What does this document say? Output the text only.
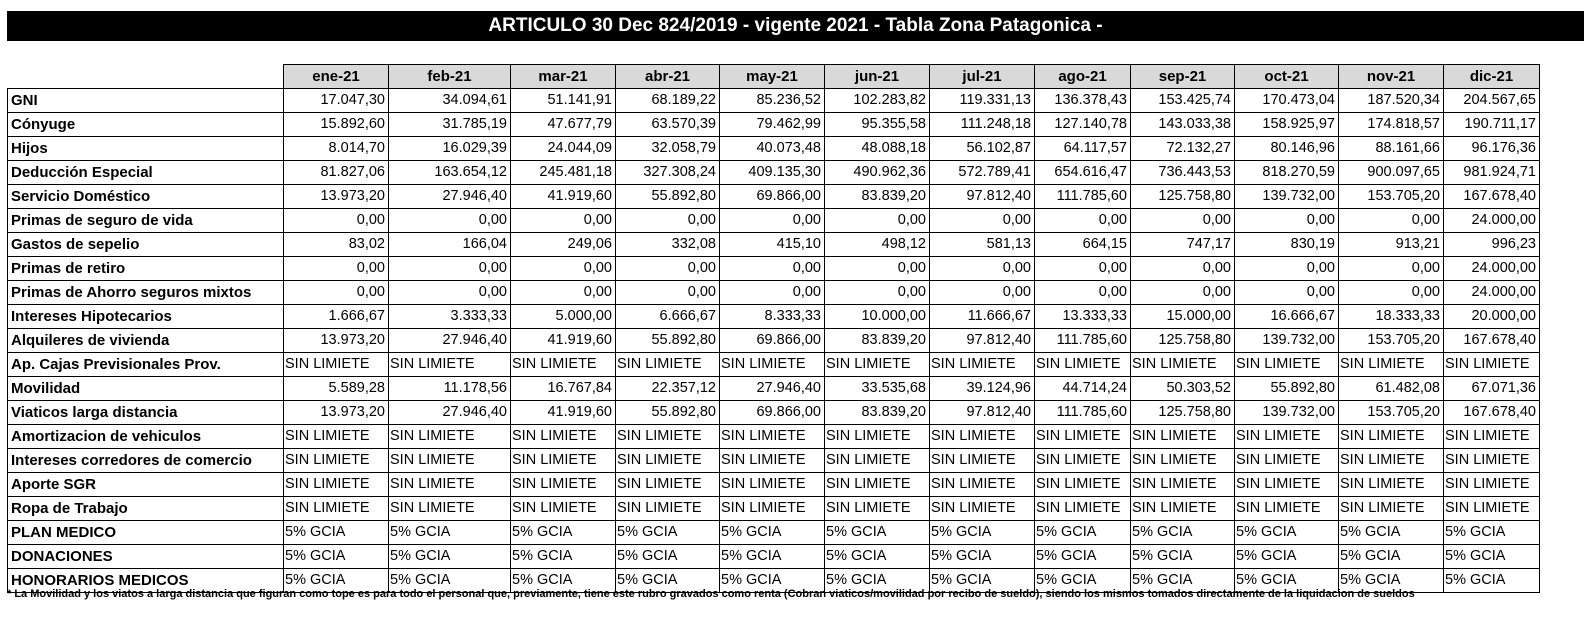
ARTICULO 30 Dec 824/2019 - vigente 2021 - Tabla Zona Patagonica -
	ene-21	feb-21	mar-21	abr-21	may-21	jun-21	jul-21	ago-21	sep-21	oct-21	nov-21	dic-21
GNI	17.047,30	34.094,61	51.141,91	68.189,22	85.236,52	102.283,82	119.331,13	136.378,43	153.425,74	170.473,04	187.520,34	204.567,65
Cónyuge	15.892,60	31.785,19	47.677,79	63.570,39	79.462,99	95.355,58	111.248,18	127.140,78	143.033,38	158.925,97	174.818,57	190.711,17
Hijos	8.014,70	16.029,39	24.044,09	32.058,79	40.073,48	48.088,18	56.102,87	64.117,57	72.132,27	80.146,96	88.161,66	96.176,36
Deducción Especial	81.827,06	163.654,12	245.481,18	327.308,24	409.135,30	490.962,36	572.789,41	654.616,47	736.443,53	818.270,59	900.097,65	981.924,71
Servicio Doméstico	13.973,20	27.946,40	41.919,60	55.892,80	69.866,00	83.839,20	97.812,40	111.785,60	125.758,80	139.732,00	153.705,20	167.678,40
Primas de seguro de vida	0,00	0,00	0,00	0,00	0,00	0,00	0,00	0,00	0,00	0,00	0,00	24.000,00
Gastos de sepelio	83,02	166,04	249,06	332,08	415,10	498,12	581,13	664,15	747,17	830,19	913,21	996,23
Primas de retiro	0,00	0,00	0,00	0,00	0,00	0,00	0,00	0,00	0,00	0,00	0,00	24.000,00
Primas de Ahorro seguros mixtos	0,00	0,00	0,00	0,00	0,00	0,00	0,00	0,00	0,00	0,00	0,00	24.000,00
Intereses Hipotecarios	1.666,67	3.333,33	5.000,00	6.666,67	8.333,33	10.000,00	11.666,67	13.333,33	15.000,00	16.666,67	18.333,33	20.000,00
Alquileres de vivienda	13.973,20	27.946,40	41.919,60	55.892,80	69.866,00	83.839,20	97.812,40	111.785,60	125.758,80	139.732,00	153.705,20	167.678,40
Ap. Cajas Previsionales Prov.	SIN LIMIETE	SIN LIMIETE	SIN LIMIETE	SIN LIMIETE	SIN LIMIETE	SIN LIMIETE	SIN LIMIETE	SIN LIMIETE	SIN LIMIETE	SIN LIMIETE	SIN LIMIETE	SIN LIMIETE
Movilidad	5.589,28	11.178,56	16.767,84	22.357,12	27.946,40	33.535,68	39.124,96	44.714,24	50.303,52	55.892,80	61.482,08	67.071,36
Viaticos larga distancia	13.973,20	27.946,40	41.919,60	55.892,80	69.866,00	83.839,20	97.812,40	111.785,60	125.758,80	139.732,00	153.705,20	167.678,40
Amortizacion de vehiculos	SIN LIMIETE	SIN LIMIETE	SIN LIMIETE	SIN LIMIETE	SIN LIMIETE	SIN LIMIETE	SIN LIMIETE	SIN LIMIETE	SIN LIMIETE	SIN LIMIETE	SIN LIMIETE	SIN LIMIETE
Intereses corredores de comercio	SIN LIMIETE	SIN LIMIETE	SIN LIMIETE	SIN LIMIETE	SIN LIMIETE	SIN LIMIETE	SIN LIMIETE	SIN LIMIETE	SIN LIMIETE	SIN LIMIETE	SIN LIMIETE	SIN LIMIETE
Aporte SGR	SIN LIMIETE	SIN LIMIETE	SIN LIMIETE	SIN LIMIETE	SIN LIMIETE	SIN LIMIETE	SIN LIMIETE	SIN LIMIETE	SIN LIMIETE	SIN LIMIETE	SIN LIMIETE	SIN LIMIETE
Ropa de Trabajo	SIN LIMIETE	SIN LIMIETE	SIN LIMIETE	SIN LIMIETE	SIN LIMIETE	SIN LIMIETE	SIN LIMIETE	SIN LIMIETE	SIN LIMIETE	SIN LIMIETE	SIN LIMIETE	SIN LIMIETE
PLAN MEDICO	5% GCIA	5% GCIA	5% GCIA	5% GCIA	5% GCIA	5% GCIA	5% GCIA	5% GCIA	5% GCIA	5% GCIA	5% GCIA	5% GCIA
DONACIONES	5% GCIA	5% GCIA	5% GCIA	5% GCIA	5% GCIA	5% GCIA	5% GCIA	5% GCIA	5% GCIA	5% GCIA	5% GCIA	5% GCIA
HONORARIOS MEDICOS	5% GCIA	5% GCIA	5% GCIA	5% GCIA	5% GCIA	5% GCIA	5% GCIA	5% GCIA	5% GCIA	5% GCIA	5% GCIA	5% GCIA
* La Movilidad y los viatos a larga distancia que figuran como tope es para todo el personal que, previamente, tiene este rubro gravados como renta (Cobran viaticos/movilidad por recibo de sueldo), siendo los mismos tomados directamente de la liquidacion de sueldos
